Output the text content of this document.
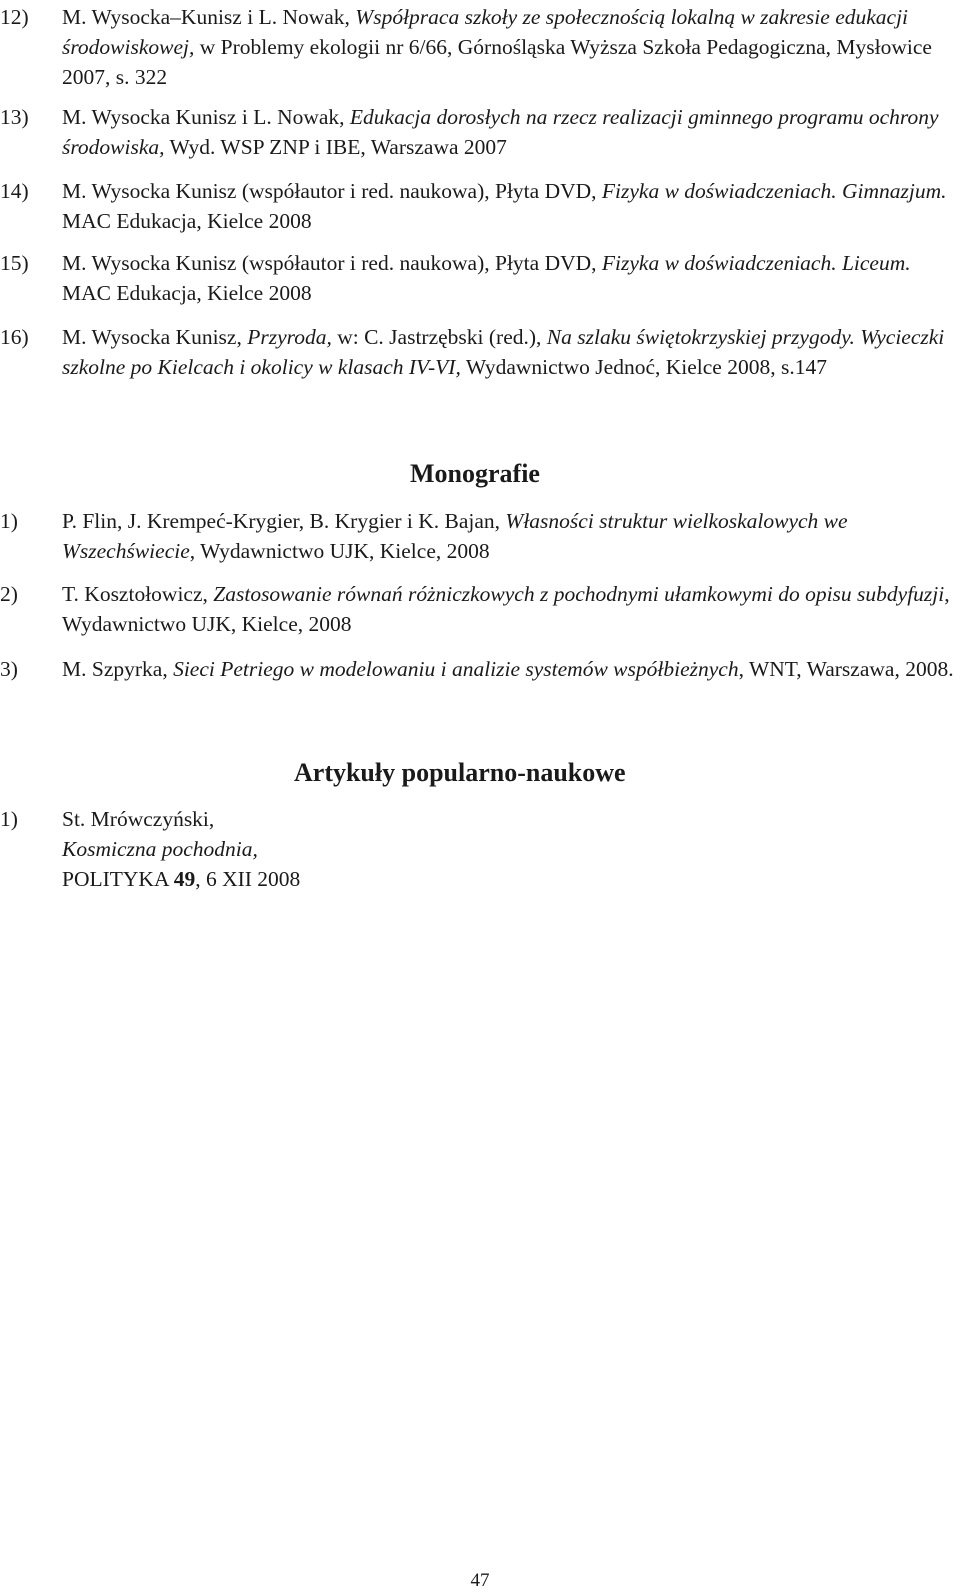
12) M. Wysocka–Kunisz i L. Nowak, Współpraca szkoły ze społecznością lokalną w zakresie edukacji środowiskowej, w Problemy ekologii nr 6/66, Górnośląska Wyższa Szkoła Pedagogiczna, Mysłowice 2007, s. 322
13) M. Wysocka Kunisz i L. Nowak, Edukacja dorosłych na rzecz realizacji gminnego programu ochrony środowiska, Wyd. WSP ZNP i IBE, Warszawa 2007
14) M. Wysocka Kunisz (współautor i red. naukowa), Płyta DVD, Fizyka w doświadczeniach. Gimnazjum. MAC Edukacja, Kielce 2008
15) M. Wysocka Kunisz (współautor i red. naukowa), Płyta DVD, Fizyka w doświadczeniach. Liceum. MAC Edukacja, Kielce 2008
16) M. Wysocka Kunisz, Przyroda, w: C. Jastrzębski (red.), Na szlaku świętokrzyskiej przygody. Wycieczki szkolne po Kielcach i okolicy w klasach IV-VI, Wydawnictwo Jednoć, Kielce 2008, s.147
Monografie
1) P. Flin, J. Krempeć-Krygier, B. Krygier i K. Bajan, Własności struktur wielkoskalowych we Wszechświecie, Wydawnictwo UJK, Kielce, 2008
2) T. Kosztołowicz, Zastosowanie równań różniczkowych z pochodnymi ułamkowymi do opisu subdyfuzji, Wydawnictwo UJK, Kielce, 2008
3) M. Szpyrka, Sieci Petriego w modelowaniu i analizie systemów współbieżnych, WNT, Warszawa, 2008.
Artykuły popularno-naukowe
1) St. Mrówczyński,
Kosmiczna pochodnia,
POLITYKA 49, 6 XII 2008
47
